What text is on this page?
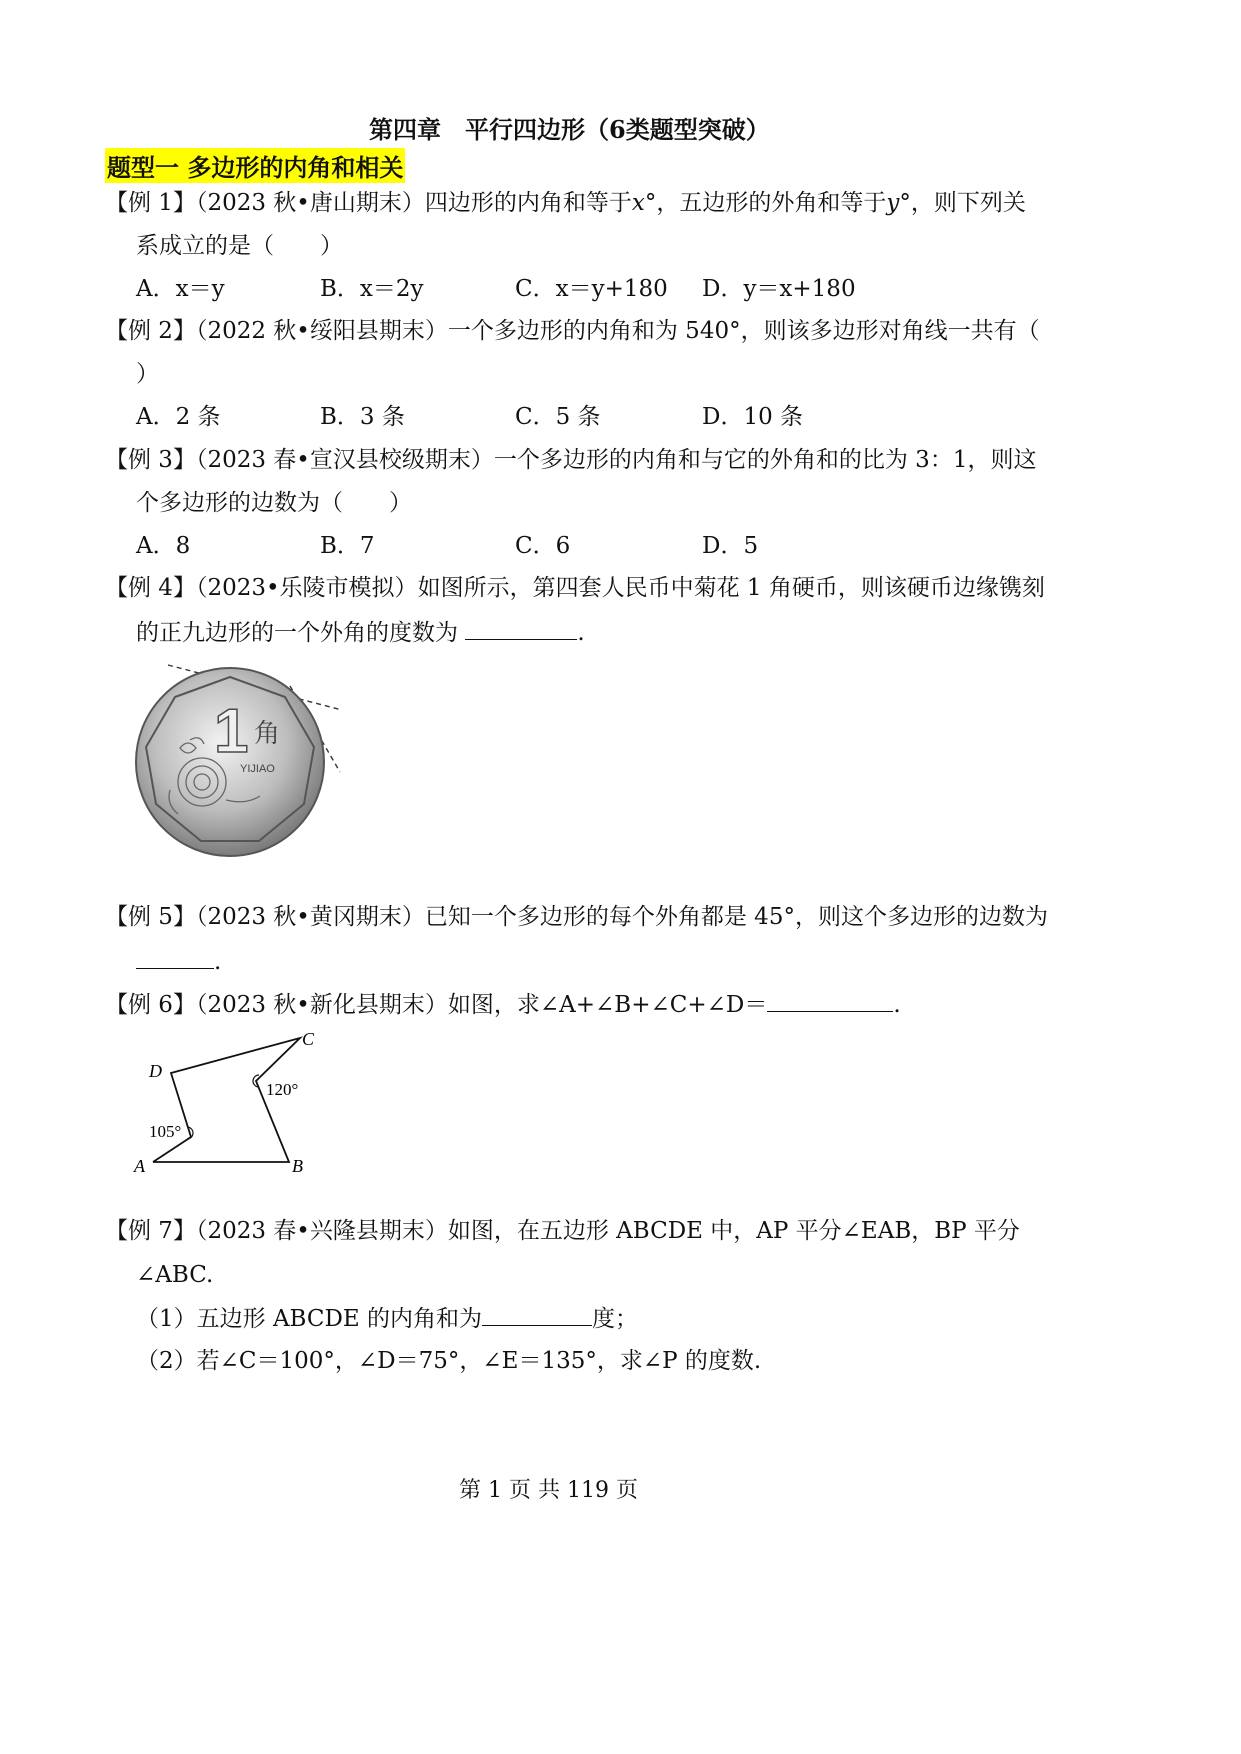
第四章　平行四边形（6类题型突破）
题型一 多边形的内角和相关
【例 1】（2023 秋•唐山期末）四边形的内角和等于x°，五边形的外角和等于y°，则下列关
系成立的是（　　）
A．x＝y	B．x＝2y	C．x＝y+180 D．y＝x+180
【例 2】（2022 秋•绥阳县期末）一个多边形的内角和为 540°，则该多边形对角线一共有（
）
A．2 条	B．3 条	C．5 条	D．10 条
【例 3】（2023 春•宣汉县校级期末）一个多边形的内角和与它的外角和的比为 3：1，则这
个多边形的边数为（　　）
A．8	B．7	C．6	D．5
【例 4】（2023•乐陵市模拟）如图所示，第四套人民币中菊花 1 角硬币，则该硬币边缘镌刻
的正九边形的一个外角的度数为	.
1 角
YIJIAO
【例 5】（2023 秋•黄冈期末）已知一个多边形的每个外角都是 45°，则这个多边形的边数为
.
【例 6】（2023 秋•新化县期末）如图，求∠A+∠B+∠C+∠D＝	.
A	B
C
D
120°
105°
【例 7】（2023 春•兴隆县期末）如图，在五边形 ABCDE 中，AP 平分∠EAB，BP 平分
∠ABC.
（1）五边形 ABCDE 的内角和为	度；
（2）若∠C＝100°，∠D＝75°，∠E＝135°，求∠P 的度数.
第 1 页 共 119 页
